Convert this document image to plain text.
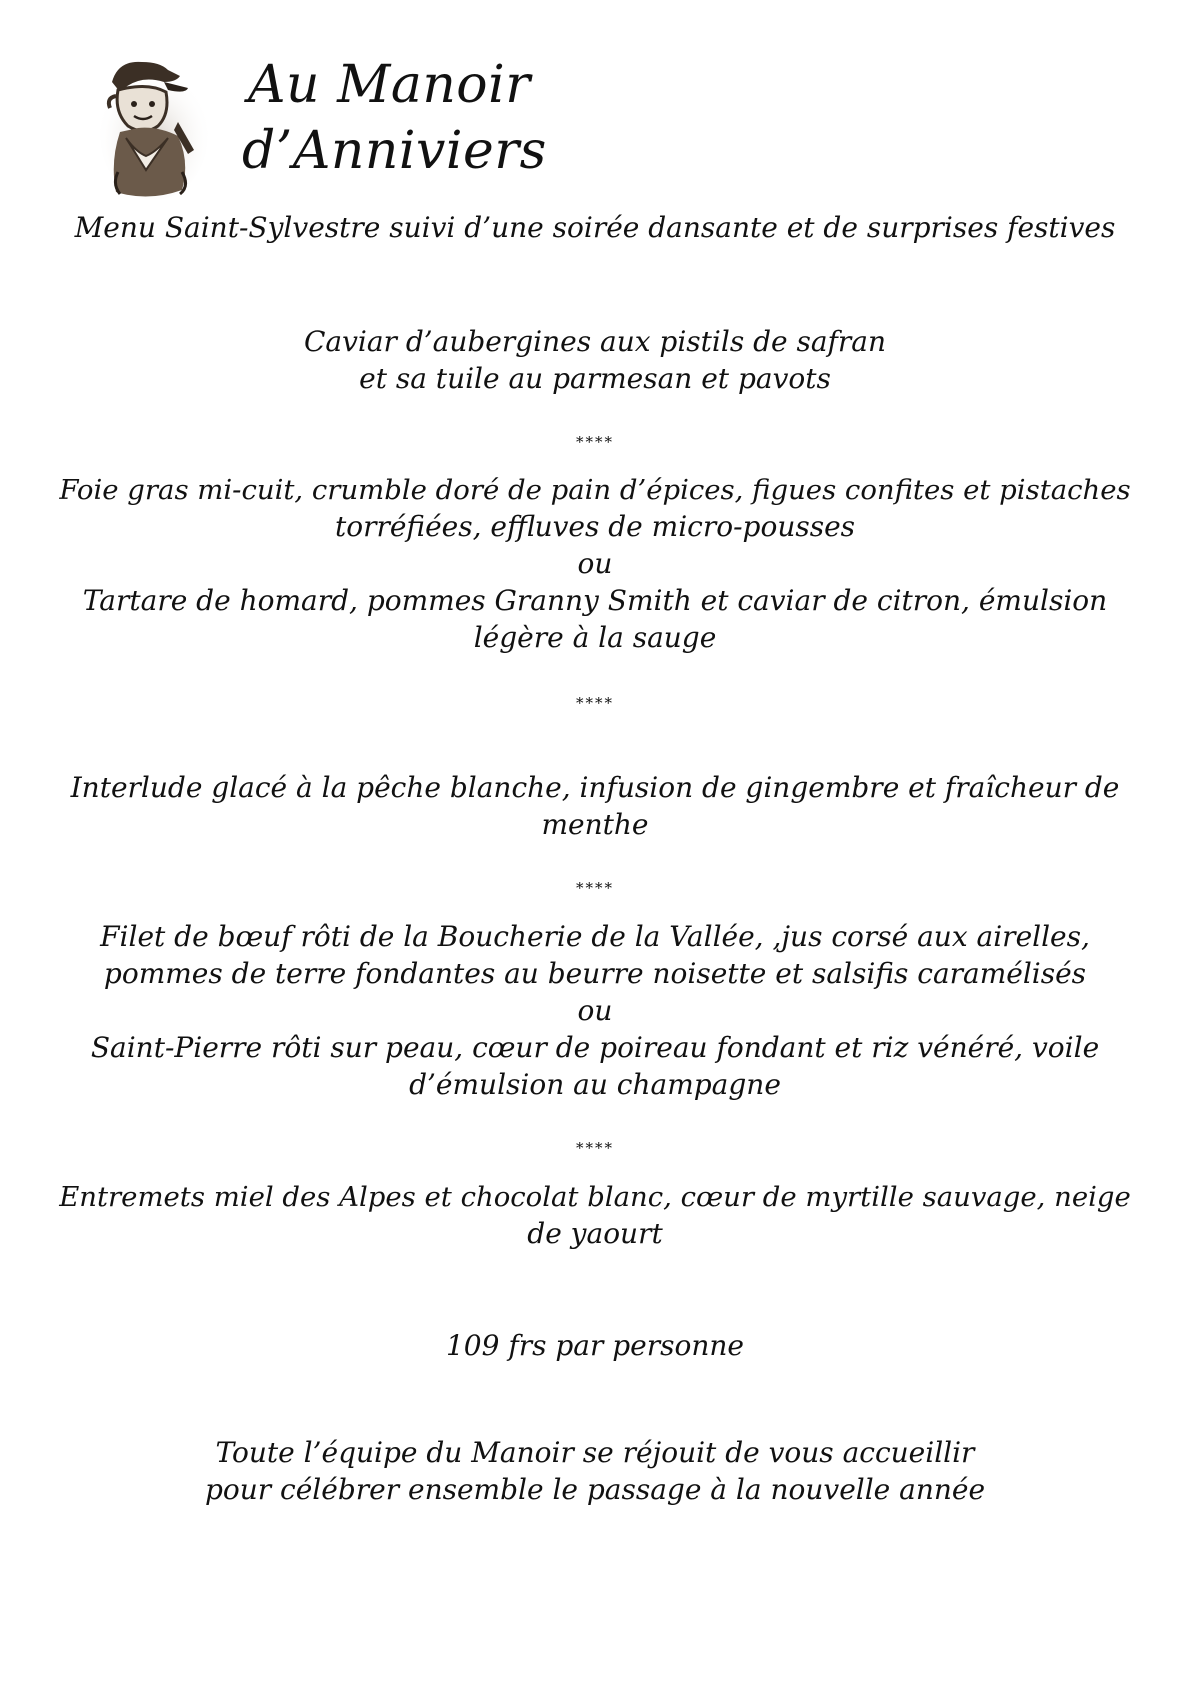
Au Manoir
d’Anniviers
Menu Saint-Sylvestre suivi d’une soirée dansante et de surprises festives
Caviar d’aubergines aux pistils de safran
et sa tuile au parmesan et pavots
****
Foie gras mi-cuit, crumble doré de pain d’épices, figues confites et pistaches
torréfiées, effluves de micro-pousses
ou
Tartare de homard, pommes Granny Smith et caviar de citron, émulsion
légère à la sauge
****
Interlude glacé à la pêche blanche, infusion de gingembre et fraîcheur de
menthe
****
Filet de bœuf rôti de la Boucherie de la Vallée, ,jus corsé aux airelles,
pommes de terre fondantes au beurre noisette et salsifis caramélisés
ou
Saint-Pierre rôti sur peau, cœur de poireau fondant et riz vénéré, voile
d’émulsion au champagne
****
Entremets miel des Alpes et chocolat blanc, cœur de myrtille sauvage, neige
de yaourt
109 frs par personne
Toute l’équipe du Manoir se réjouit de vous accueillir
pour célébrer ensemble le passage à la nouvelle année
